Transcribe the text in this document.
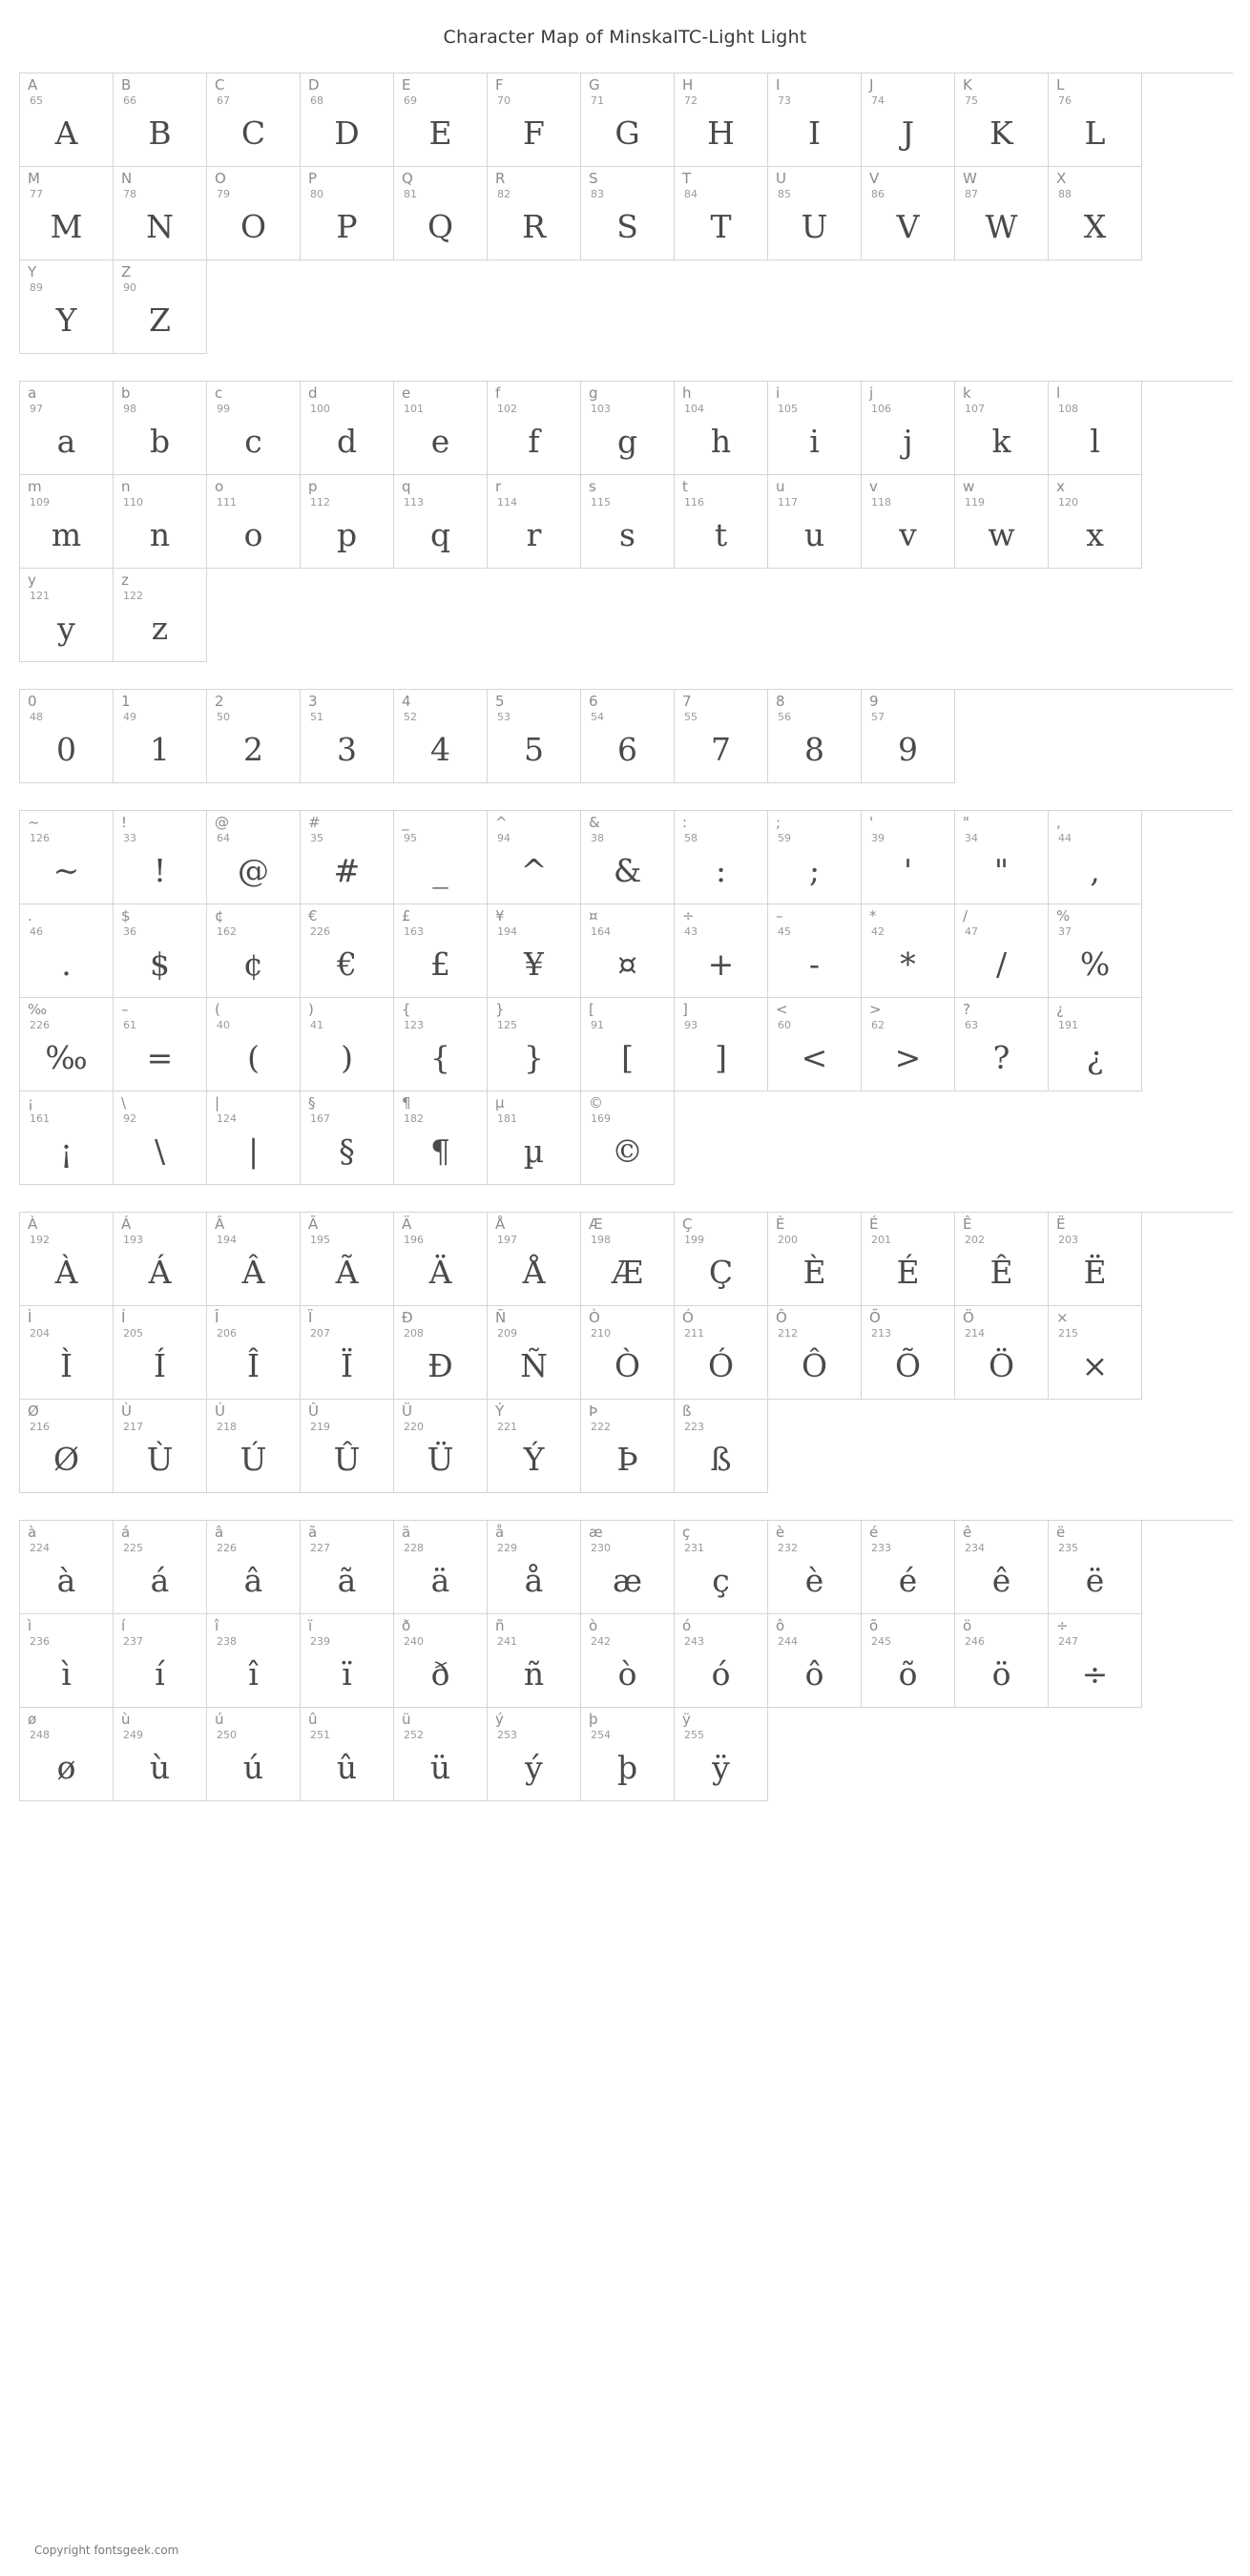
Character Map of MinskaITC-Light Light
A
65
A
B
66
B
C
67
C
D
68
D
E
69
E
F
70
F
G
71
G
H
72
H
I
73
I
J
74
J
K
75
K
L
76
L
M
77
M
N
78
N
O
79
O
P
80
P
Q
81
Q
R
82
R
S
83
S
T
84
T
U
85
U
V
86
V
W
87
W
X
88
X
Y
89
Y
Z
90
Z
a
97
a
b
98
b
c
99
c
d
100
d
e
101
e
f
102
f
g
103
g
h
104
h
i
105
i
j
106
j
k
107
k
l
108
l
m
109
m
n
110
n
o
111
o
p
112
p
q
113
q
r
114
r
s
115
s
t
116
t
u
117
u
v
118
v
w
119
w
x
120
x
y
121
y
z
122
z
0
48
0
1
49
1
2
50
2
3
51
3
4
52
4
5
53
5
6
54
6
7
55
7
8
56
8
9
57
9
~
126
~
!
33
!
@
64
@
#
35
#
_
95
_
^
94
^
&
38
&
:
58
:
;
59
;
'
39
'
"
34
"
,
44
,
.
46
.
$
36
$
¢
162
¢
€
226
€
£
163
£
¥
194
¥
¤
164
¤
÷
43
+
–
45
-
*
42
*
/
47
/
%
37
%
‰
226
‰
–
61
=
(
40
(
)
41
)
{
123
{
}
125
}
[
91
[
]
93
]
<
60
<
>
62
>
?
63
?
¿
191
¿
¡
161
¡
\
92
\
|
124
|
§
167
§
¶
182
¶
µ
181
µ
©
169
©
À
192
À
Á
193
Á
Â
194
Â
Ã
195
Ã
Ä
196
Ä
Å
197
Å
Æ
198
Æ
Ç
199
Ç
È
200
È
É
201
É
Ê
202
Ê
Ë
203
Ë
Ì
204
Ì
Í
205
Í
Î
206
Î
Ï
207
Ï
Ð
208
Ð
Ñ
209
Ñ
Ò
210
Ò
Ó
211
Ó
Ô
212
Ô
Õ
213
Õ
Ö
214
Ö
×
215
×
Ø
216
Ø
Ù
217
Ù
Ú
218
Ú
Û
219
Û
Ü
220
Ü
Ý
221
Ý
Þ
222
Þ
ß
223
ß
à
224
à
á
225
á
â
226
â
ã
227
ã
ä
228
ä
å
229
å
æ
230
æ
ç
231
ç
è
232
è
é
233
é
ê
234
ê
ë
235
ë
ì
236
ì
í
237
í
î
238
î
ï
239
ï
ð
240
ð
ñ
241
ñ
ò
242
ò
ó
243
ó
ô
244
ô
õ
245
õ
ö
246
ö
÷
247
÷
ø
248
ø
ù
249
ù
ú
250
ú
û
251
û
ü
252
ü
ý
253
ý
þ
254
þ
ÿ
255
ÿ
Copyright fontsgeek.com
